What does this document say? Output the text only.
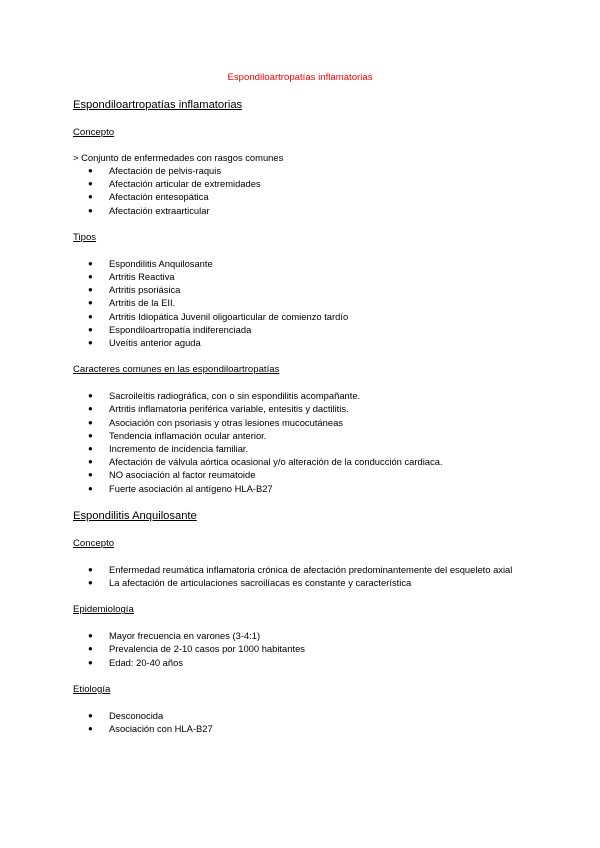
Espondiloartropatías inflamatorias
Espondiloartropatías inflamatorias
Concepto
> Conjunto de enfermedades con rasgos comunes
● Afectación de pelvis-raquis
● Afectación articular de extremidades
● Afectación entesopática
● Afectación extraarticular
Tipos
● Espondilitis Anquilosante
● Artritis Reactiva
● Artritis psoriásica
● Artritis de la EII.
● Artritis Idiopática Juvenil oligoarticular de comienzo tardío
● Espondiloartropatía indiferenciada
● Uveítis anterior aguda
Caracteres comunes en las espondiloartropatías
● Sacroileítis radiográfica, con o sin espondilitis acompañante.
● Artritis inflamatoria periférica variable, entesitis y dactilitis.
● Asociación con psoriasis y otras lesiones mucocutáneas
● Tendencia inflamación ocular anterior.
● Incremento de incidencia familiar.
● Afectación de válvula aórtica ocasional y/o alteración de la conducción cardiaca.
● NO asociación al factor reumatoide
● Fuerte asociación al antígeno HLA-B27
Espondilitis Anquilosante
Concepto
● Enfermedad reumática inflamatoria crónica de afectación predominantemente del esqueleto axial
● La afectación de articulaciones sacroilíacas es constante y característica
Epidemiología
● Mayor frecuencia en varones (3-4:1)
● Prevalencia de 2-10 casos por 1000 habitantes
● Edad: 20-40 años
Etiología
● Desconocida
● Asociación con HLA-B27
